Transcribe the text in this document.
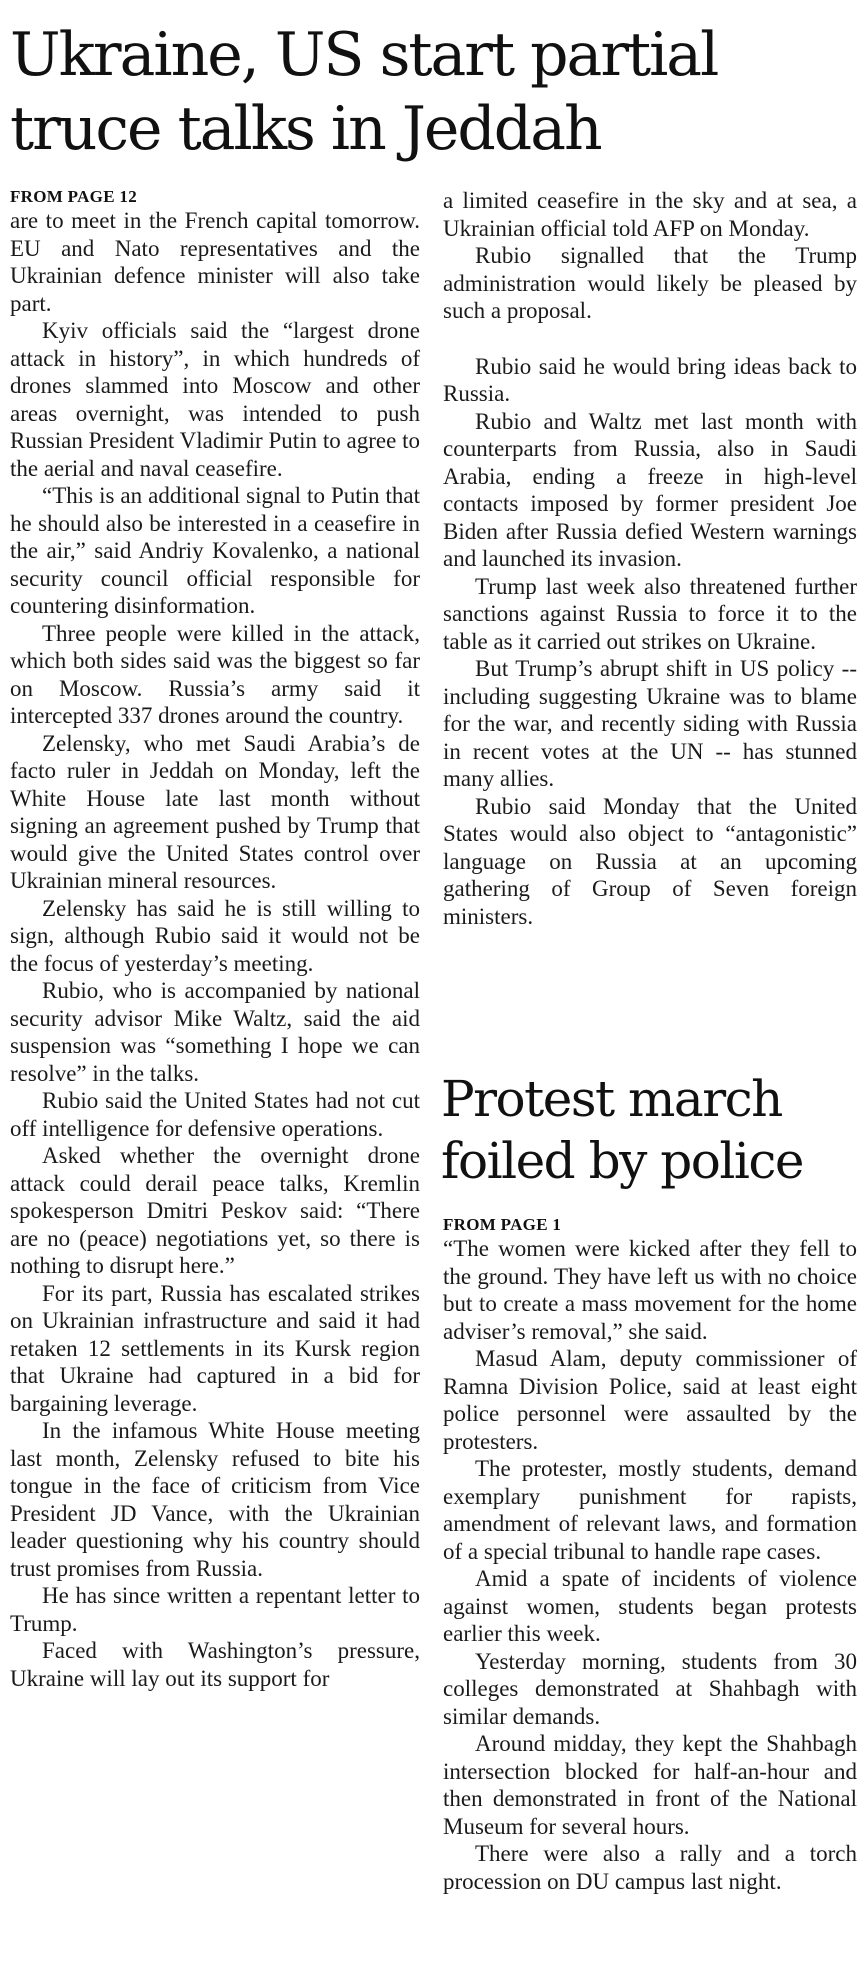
Ukraine, US start partial truce talks in Jeddah
FROM PAGE 12

are to meet in the French capital tomorrow. EU and Nato representatives and the Ukrainian defence minister will also take part.

Kyiv officials said the “largest drone attack in history”, in which hundreds of drones slammed into Moscow and other areas overnight, was intended to push Russian President Vladimir Putin to agree to the aerial and naval ceasefire.

“This is an additional signal to Putin that he should also be interested in a ceasefire in the air,” said Andriy Kovalenko, a national security council official responsible for countering disinformation.

Three people were killed in the attack, which both sides said was the biggest so far on Moscow. Russia’s army said it intercepted 337 drones around the country.

Zelensky, who met Saudi Arabia’s de facto ruler in Jeddah on Monday, left the White House late last month without signing an agreement pushed by Trump that would give the United States control over Ukrainian mineral resources.

Zelensky has said he is still willing to sign, although Rubio said it would not be the focus of yesterday’s meeting.

Rubio, who is accompanied by national security advisor Mike Waltz, said the aid suspension was “something I hope we can resolve” in the talks.

Rubio said the United States had not cut off intelligence for defensive operations.

Asked whether the overnight drone attack could derail peace talks, Kremlin spokesperson Dmitri Peskov said: “There are no (peace) negotiations yet, so there is nothing to disrupt here.”

For its part, Russia has escalated strikes on Ukrainian infrastructure and said it had retaken 12 settlements in its Kursk region that Ukraine had captured in a bid for bargaining leverage.

In the infamous White House meeting last month, Zelensky refused to bite his tongue in the face of criticism from Vice President JD Vance, with the Ukrainian leader questioning why his country should trust promises from Russia.

He has since written a repentant letter to Trump.

Faced with Washington’s pressure, Ukraine will lay out its support for

a limited ceasefire in the sky and at sea, a Ukrainian official told AFP on Monday.

Rubio signalled that the Trump administration would likely be pleased by such a proposal.

Rubio said he would bring ideas back to Russia.

Rubio and Waltz met last month with counterparts from Russia, also in Saudi Arabia, ending a freeze in high-level contacts imposed by former president Joe Biden after Russia defied Western warnings and launched its invasion.

Trump last week also threatened further sanctions against Russia to force it to the table as it carried out strikes on Ukraine.

But Trump’s abrupt shift in US policy -- including suggesting Ukraine was to blame for the war, and recently siding with Russia in recent votes at the UN -- has stunned many allies.

Rubio said Monday that the United States would also object to “antagonistic” language on Russia at an upcoming gathering of Group of Seven foreign ministers.

Protest march foiled by police
FROM PAGE 1

“The women were kicked after they fell to the ground. They have left us with no choice but to create a mass movement for the home adviser’s removal,” she said.

Masud Alam, deputy commissioner of Ramna Division Police, said at least eight police personnel were assaulted by the protesters.

The protester, mostly students, demand exemplary punishment for rapists, amendment of relevant laws, and formation of a special tribunal to handle rape cases.

Amid a spate of incidents of violence against women, students began protests earlier this week.

Yesterday morning, students from 30 colleges demonstrated at Shahbagh with similar demands.

Around midday, they kept the Shahbagh intersection blocked for half-an-hour and then demonstrated in front of the National Museum for several hours.

There were also a rally and a torch procession on DU campus last night.
